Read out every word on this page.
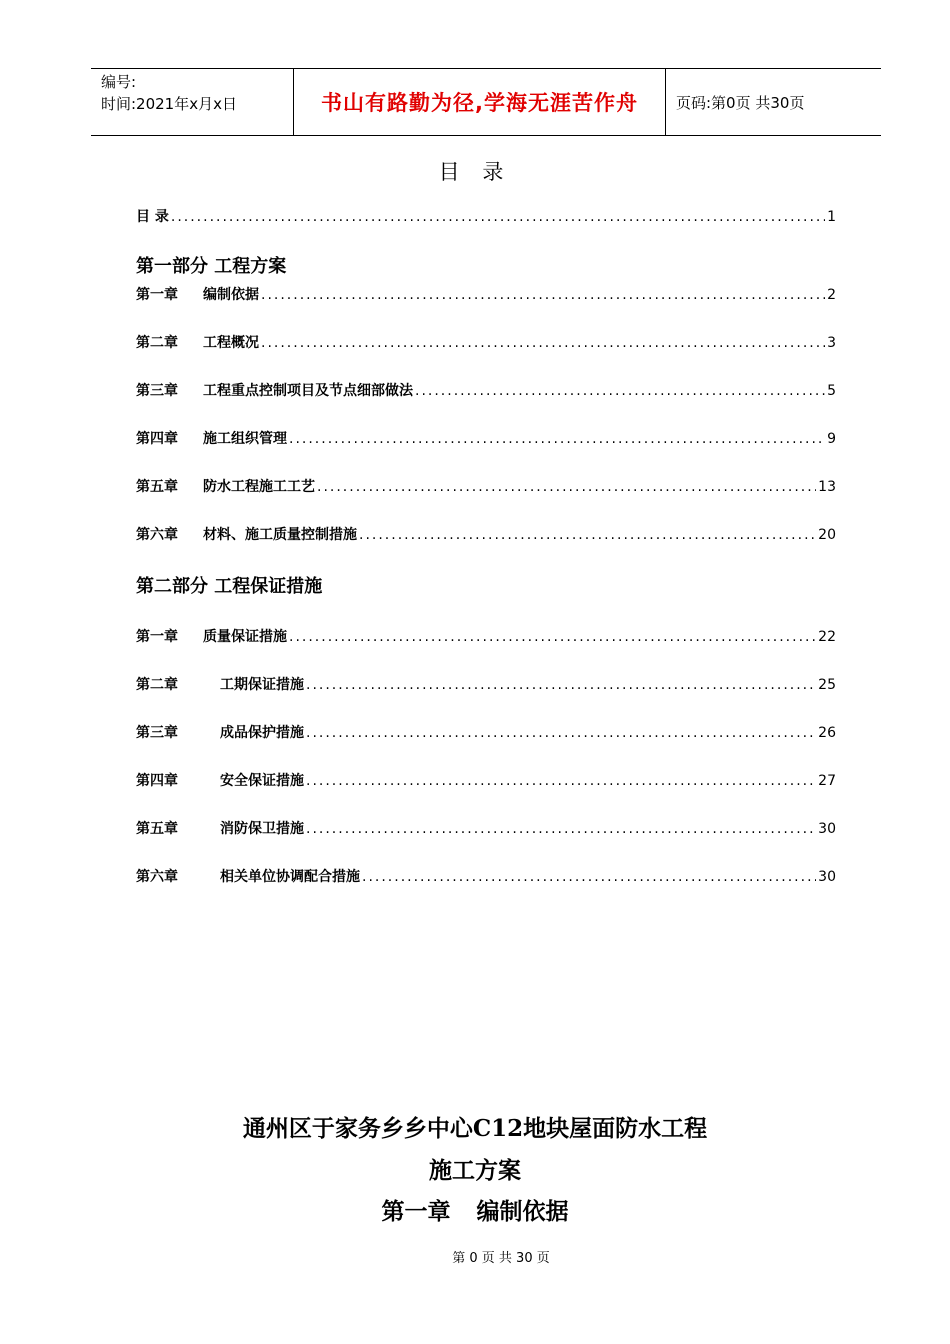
编号:
时间:2021年x月x日	书山有路勤为径,学海无涯苦作舟	页码:第0页 共30页
目 录
目 录 .....	1
第一部分 工程方案
第一章	编制依据 .....	2
第二章	工程概况 .....	3
第三章	工程重点控制项目及节点细部做法 .....	5
第四章	施工组织管理 .....	9
第五章	防水工程施工工艺 .....	13
第六章	材料、施工质量控制措施 .....	20
第二部分 工程保证措施
第一章	质量保证措施 .....	22
第二章	工期保证措施 .....	25
第三章	成品保护措施 .....	26
第四章	安全保证措施 .....	27
第五章	消防保卫措施 .....	30
第六章	相关单位协调配合措施 .....	30
通州区于家务乡乡中心C12地块屋面防水工程
施工方案
第一章 编制依据
第 0 页 共 30 页
